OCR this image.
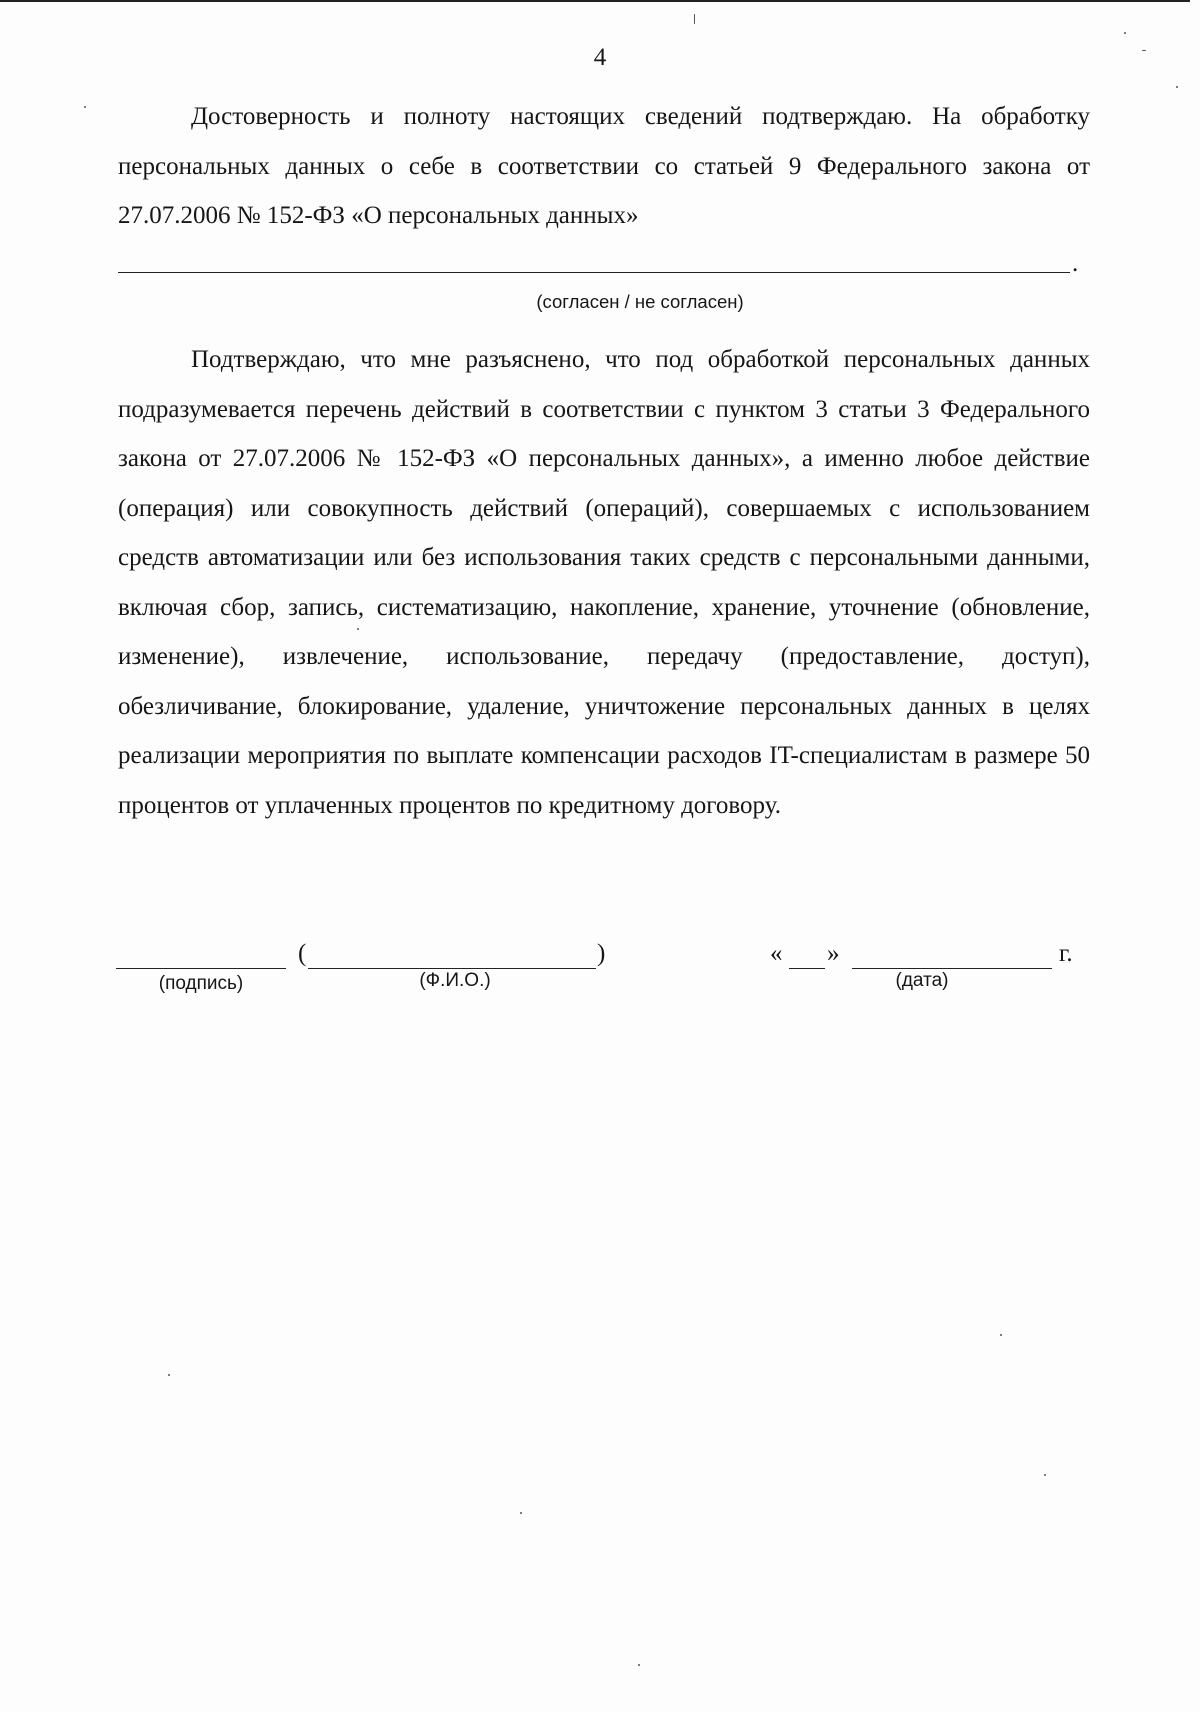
4

Достоверность и полноту настоящих сведений подтверждаю. На обработку персональных данных о себе в соответствии со статьей 9 Федерального закона от 27.07.2006 № 152-ФЗ «О персональных данных»

.
(согласен / не согласен)

Подтверждаю, что мне разъяснено, что под обработкой персональных данных подразумевается перечень действий в соответствии с пунктом 3 статьи 3 Федерального закона от 27.07.2006 № 152-ФЗ «О персональных данных», а именно любое действие (операция) или совокупность действий (операций), совершаемых с использованием средств автоматизации или без использования таких средств с персональными данными, включая сбор, запись, систематизацию, накопление, хранение, уточнение (обновление, изменение), извлечение, использование, передачу (предоставление, доступ), обезличивание, блокирование, удаление, уничтожение персональных данных в целях реализации мероприятия по выплате компенсации расходов IT-специалистам в размере 50 процентов от уплаченных процентов по кредитному договору.

(подпись)
(	)
(Ф.И.О.)
« »	г.
(дата)
